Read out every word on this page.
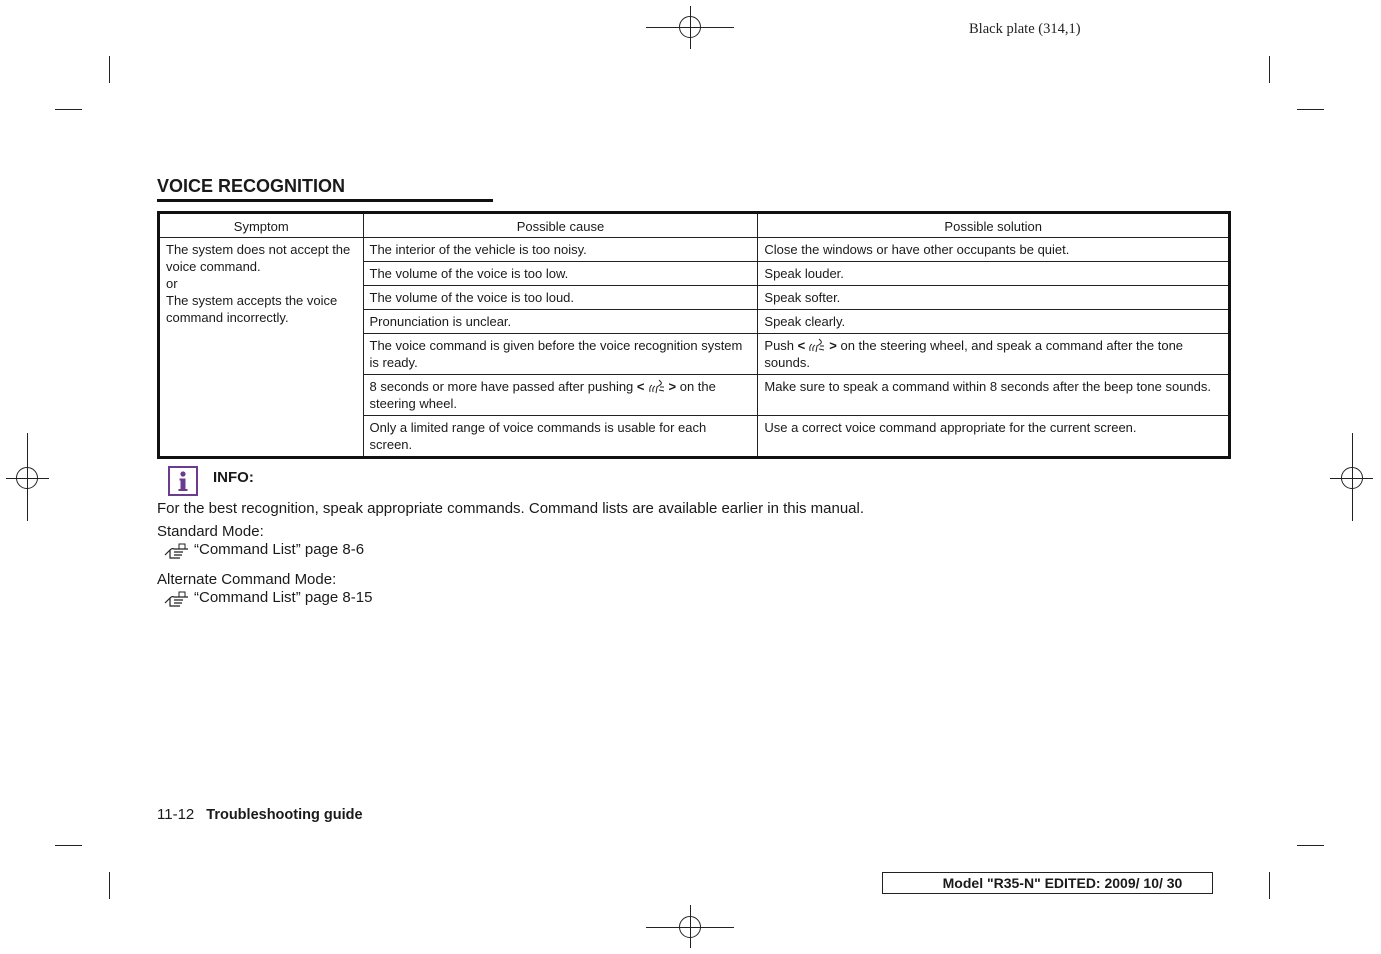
Black plate (314,1)
VOICE RECOGNITION
Symptom	Possible cause	Possible solution

The system does not accept the voice command.
or
The system accepts the voice command incorrectly.	The interior of the vehicle is too noisy.	Close the windows or have other occupants be quiet.
	The volume of the voice is too low.	Speak louder.
	The volume of the voice is too loud.	Speak softer.
	Pronunciation is unclear.	Speak clearly.
	The voice command is given before the voice recognition system is ready.	Push < > on the steering wheel, and speak a command after the tone sounds.
	8 seconds or more have passed after pushing < > on the steering wheel.	Make sure to speak a command within 8 seconds after the beep tone sounds.
	Only a limited range of voice commands is usable for each screen.	Use a correct voice command appropriate for the current screen.
INFO:
For the best recognition, speak appropriate commands. Command lists are available earlier in this manual.
Standard Mode:
“Command List” page 8-6
Alternate Command Mode:
“Command List” page 8-15
11-12 Troubleshooting guide
Model "R35-N" EDITED: 2009/ 10/ 30
